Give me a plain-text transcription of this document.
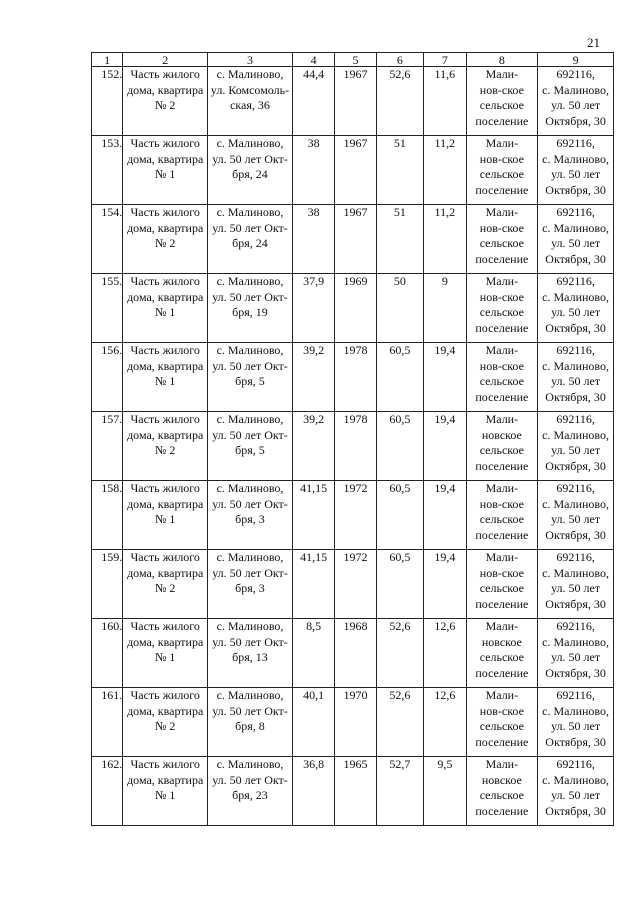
21
1	2	3	4	5	6	7	8	9
152.	Часть жилого
дома, квартира
№ 2	с. Малиново,
ул. Комсомоль-
ская, 36	44,4	1967	52,6	11,6	Мали-
нов-ское
сельское
поселение	692116,
с. Малиново,
ул. 50 лет
Октября, 30
153.	Часть жилого
дома, квартира
№ 1	с. Малиново,
ул. 50 лет Окт-
бря, 24	38	1967	51	11,2	Мали-
нов-ское
сельское
поселение	692116,
с. Малиново,
ул. 50 лет
Октября, 30
154.	Часть жилого
дома, квартира
№ 2	с. Малиново,
ул. 50 лет Окт-
бря, 24	38	1967	51	11,2	Мали-
нов-ское
сельское
поселение	692116,
с. Малиново,
ул. 50 лет
Октября, 30
155.	Часть жилого
дома, квартира
№ 1	с. Малиново,
ул. 50 лет Окт-
бря, 19	37,9	1969	50	9	Мали-
нов-ское
сельское
поселение	692116,
с. Малиново,
ул. 50 лет
Октября, 30
156.	Часть жилого
дома, квартира
№ 1	с. Малиново,
ул. 50 лет Окт-
бря, 5	39,2	1978	60,5	19,4	Мали-
нов-ское
сельское
поселение	692116,
с. Малиново,
ул. 50 лет
Октября, 30
157.	Часть жилого
дома, квартира
№ 2	с. Малиново,
ул. 50 лет Окт-
бря, 5	39,2	1978	60,5	19,4	Мали-
новское
сельское
поселение	692116,
с. Малиново,
ул. 50 лет
Октября, 30
158.	Часть жилого
дома, квартира
№ 1	с. Малиново,
ул. 50 лет Окт-
бря, 3	41,15	1972	60,5	19,4	Мали-
нов-ское
сельское
поселение	692116,
с. Малиново,
ул. 50 лет
Октября, 30
159.	Часть жилого
дома, квартира
№ 2	с. Малиново,
ул. 50 лет Окт-
бря, 3	41,15	1972	60,5	19,4	Мали-
нов-ское
сельское
поселение	692116,
с. Малиново,
ул. 50 лет
Октября, 30
160.	Часть жилого
дома, квартира
№ 1	с. Малиново,
ул. 50 лет Окт-
бря, 13	8,5	1968	52,6	12,6	Мали-
новское
сельское
поселение	692116,
с. Малиново,
ул. 50 лет
Октября, 30
161.	Часть жилого
дома, квартира
№ 2	с. Малиново,
ул. 50 лет Окт-
бря, 8	40,1	1970	52,6	12,6	Мали-
нов-ское
сельское
поселение	692116,
с. Малиново,
ул. 50 лет
Октября, 30
162.	Часть жилого
дома, квартира
№ 1	с. Малиново,
ул. 50 лет Окт-
бря, 23	36,8	1965	52,7	9,5	Мали-
новское
сельское
поселение	692116,
с. Малиново,
ул. 50 лет
Октября, 30
